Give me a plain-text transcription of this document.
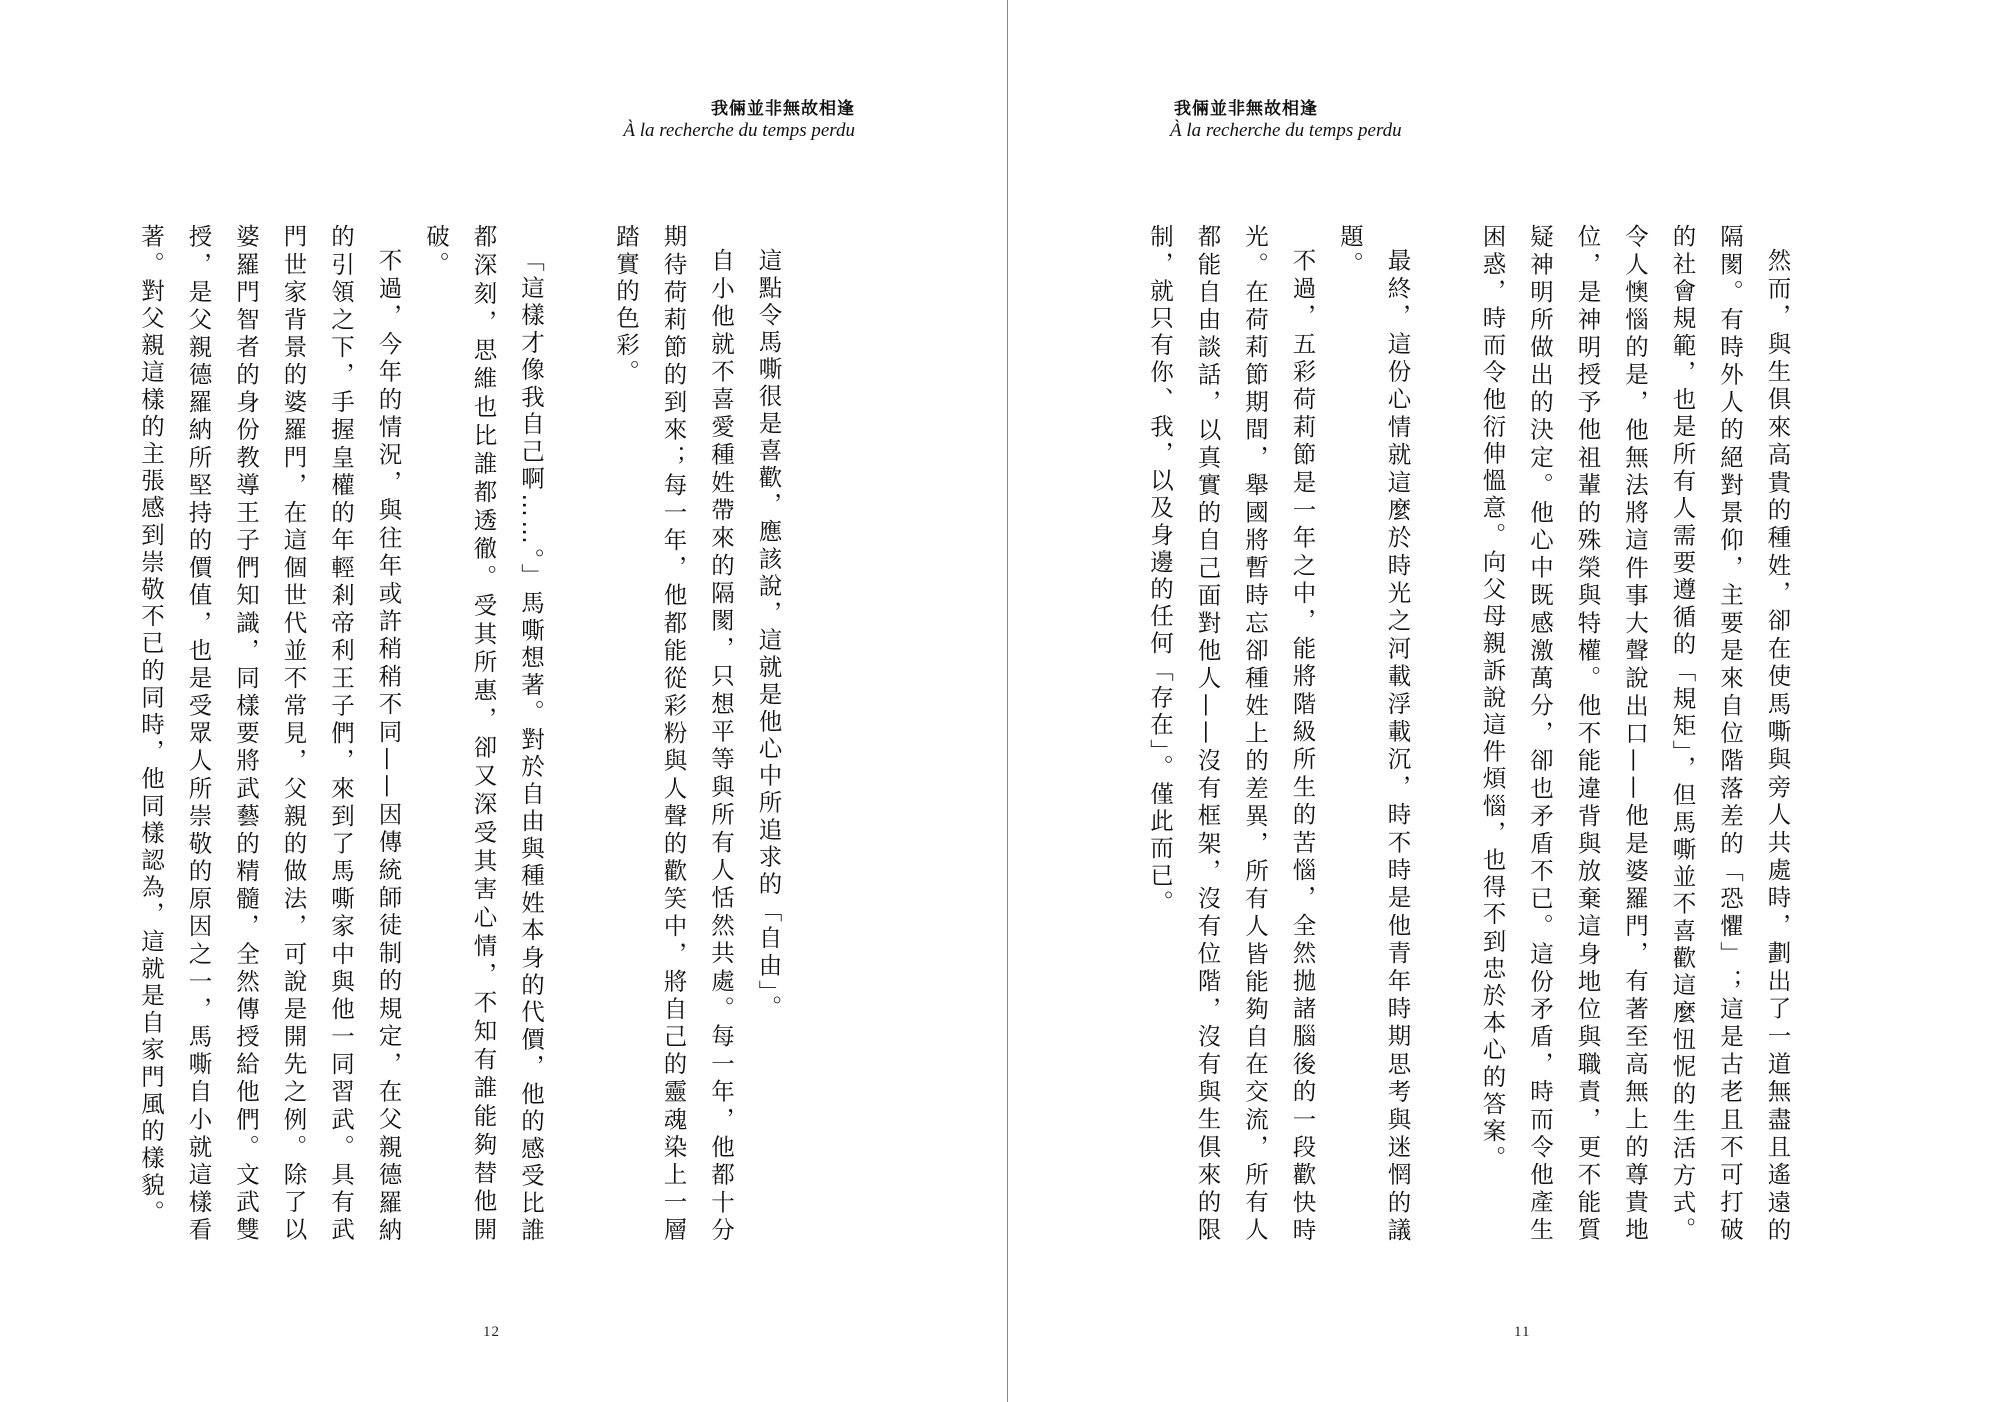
我倆並非無故相逢
À la recherche du temps perdu

這點令馬嘶很是喜歡，應該說，這就是他心中所追求的「自由」。

自小他就不喜愛種姓帶來的隔閡，只想平等與所有人恬然共處。每一年，他都十分期待荷莉節的到來；每一年，他都能從彩粉與人聲的歡笑中，將自己的靈魂染上一層踏實的色彩。

「這樣才像我自己啊……。」馬嘶想著。對於自由與種姓本身的代價，他的感受比誰都深刻，思維也比誰都透徹。受其所惠，卻又深受其害心情，不知有誰能夠替他開破。

不過，今年的情況，與往年或許稍稍不同——因傳統師徒制的規定，在父親德羅納的引領之下，手握皇權的年輕剎帝利王子們，來到了馬嘶家中與他一同習武。具有武門世家背景的婆羅門，在這個世代並不常見，父親的做法，可說是開先之例。除了以婆羅門智者的身份教導王子們知識，同樣要將武藝的精髓，全然傳授給他們。文武雙授，是父親德羅納所堅持的價值，也是受眾人所崇敬的原因之一，馬嘶自小就這樣看著。對父親這樣的主張感到崇敬不已的同時，他同樣認為，這就是自家門風的樣貌。

12
我倆並非無故相逢
À la recherche du temps perdu

然而，與生俱來高貴的種姓，卻在使馬嘶與旁人共處時，劃出了一道無盡且遙遠的隔閡。有時外人的絕對景仰，主要是來自位階落差的「恐懼」；這是古老且不可打破的社會規範，也是所有人需要遵循的「規矩」，但馬嘶並不喜歡這麼忸怩的生活方式。令人懊惱的是，他無法將這件事大聲說出口——他是婆羅門，有著至高無上的尊貴地位，是神明授予他祖輩的殊榮與特權。他不能違背與放棄這身地位與職責，更不能質疑神明所做出的決定。他心中既感激萬分，卻也矛盾不已。這份矛盾，時而令他產生困惑，時而令他衍伸慍意。向父母親訴說這件煩惱，也得不到忠於本心的答案。

最終，這份心情就這麼於時光之河載浮載沉，時不時是他青年時期思考與迷惘的議題。

不過，五彩荷莉節是一年之中，能將階級所生的苦惱，全然拋諸腦後的一段歡快時光。在荷莉節期間，舉國將暫時忘卻種姓上的差異，所有人皆能夠自在交流，所有人都能自由談話，以真實的自己面對他人——沒有框架，沒有位階，沒有與生俱來的限制，就只有你、我，以及身邊的任何「存在」。僅此而已。

11
